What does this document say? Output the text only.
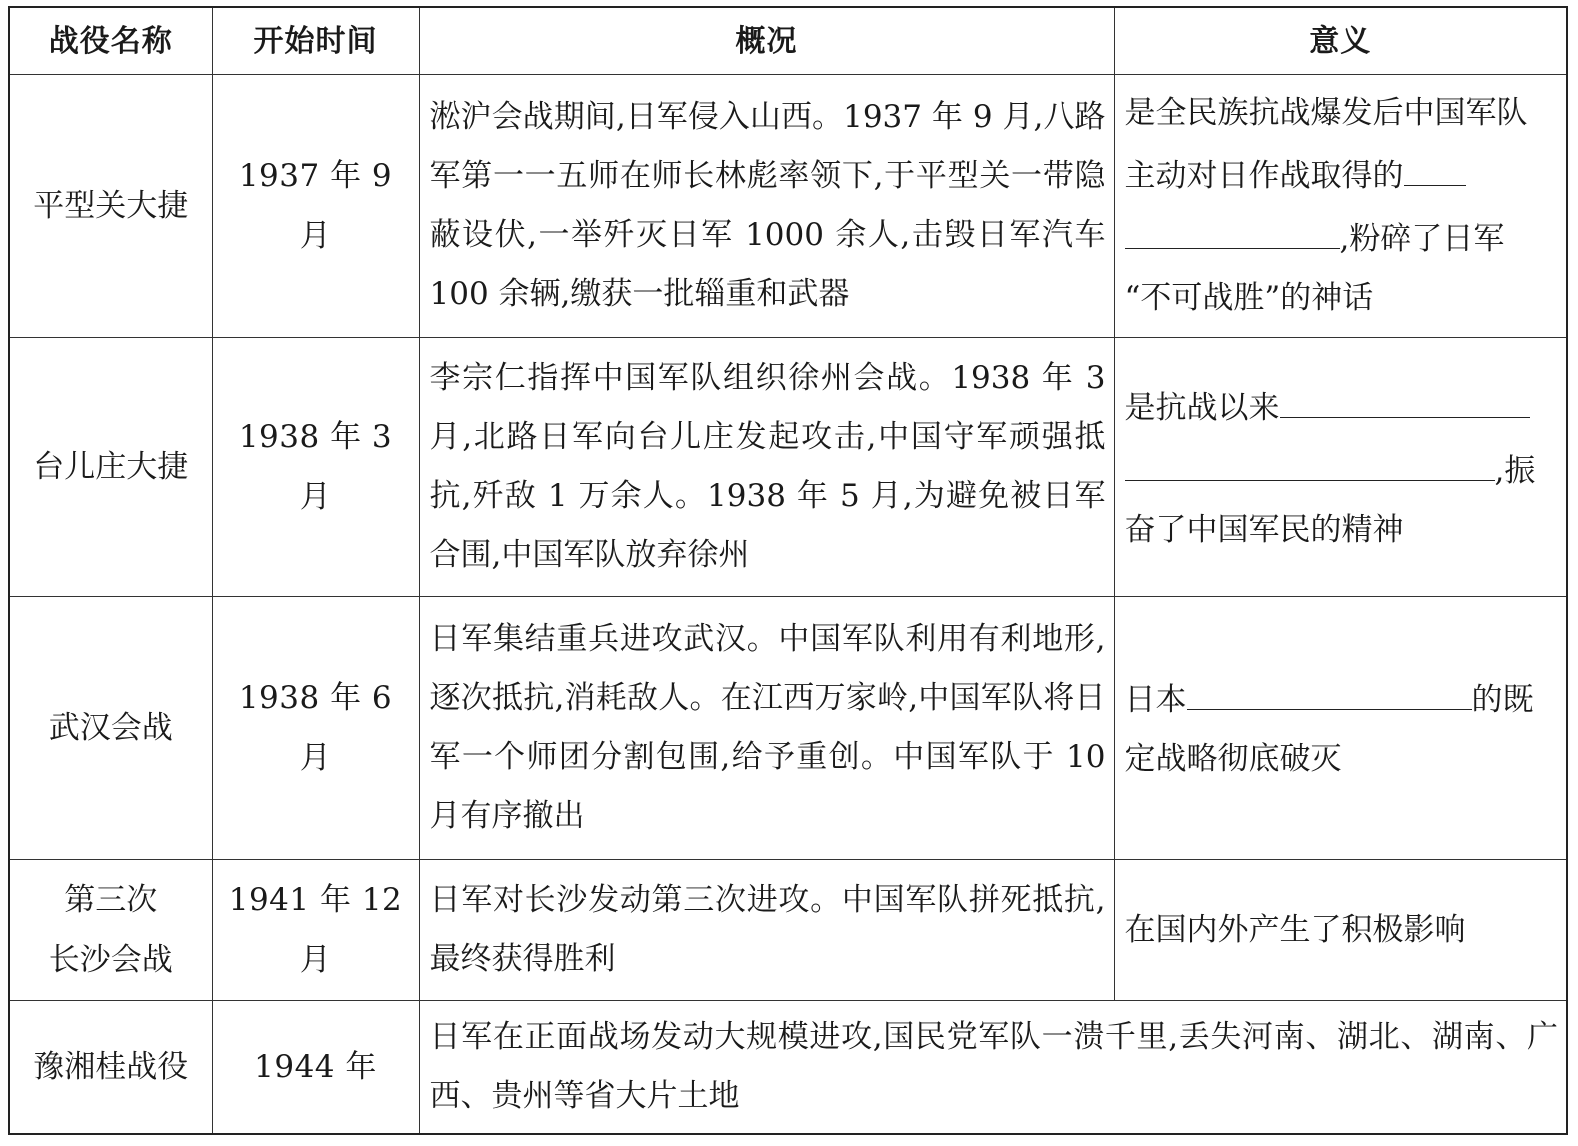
战役名称	开始时间	概况	意义
平型关大捷	1937 年 9 月	淞沪会战期间,日军侵入山西。1937 年 9 月,八路军第一一五师在师长林彪率领下,于平型关一带隐蔽设伏,一举歼灭日军 1000 余人,击毁日军汽车 100 余辆,缴获一批辎重和武器	是全民族抗战爆发后中国军队主动对日作战取得的
,粉碎了日军
“不可战胜”的神话
台儿庄大捷	1938 年 3 月	李宗仁指挥中国军队组织徐州会战。1938 年 3 月,北路日军向台儿庄发起攻击,中国守军顽强抵抗,歼敌 1 万余人。1938 年 5 月,为避免被日军合围,中国军队放弃徐州	是抗战以来
,振
奋了中国军民的精神
武汉会战	1938 年 6 月	日军集结重兵进攻武汉。中国军队利用有利地形,逐次抵抗,消耗敌人。在江西万家岭,中国军队将日军一个师团分割包围,给予重创。中国军队于 10 月有序撤出	日本 的既
定战略彻底破灭
第三次
长沙会战	1941 年 12 月	日军对长沙发动第三次进攻。中国军队拼死抵抗,最终获得胜利	在国内外产生了积极影响
豫湘桂战役	1944 年	日军在正面战场发动大规模进攻,国民党军队一溃千里,丢失河南、湖北、湖南、广西、贵州等省大片土地	
